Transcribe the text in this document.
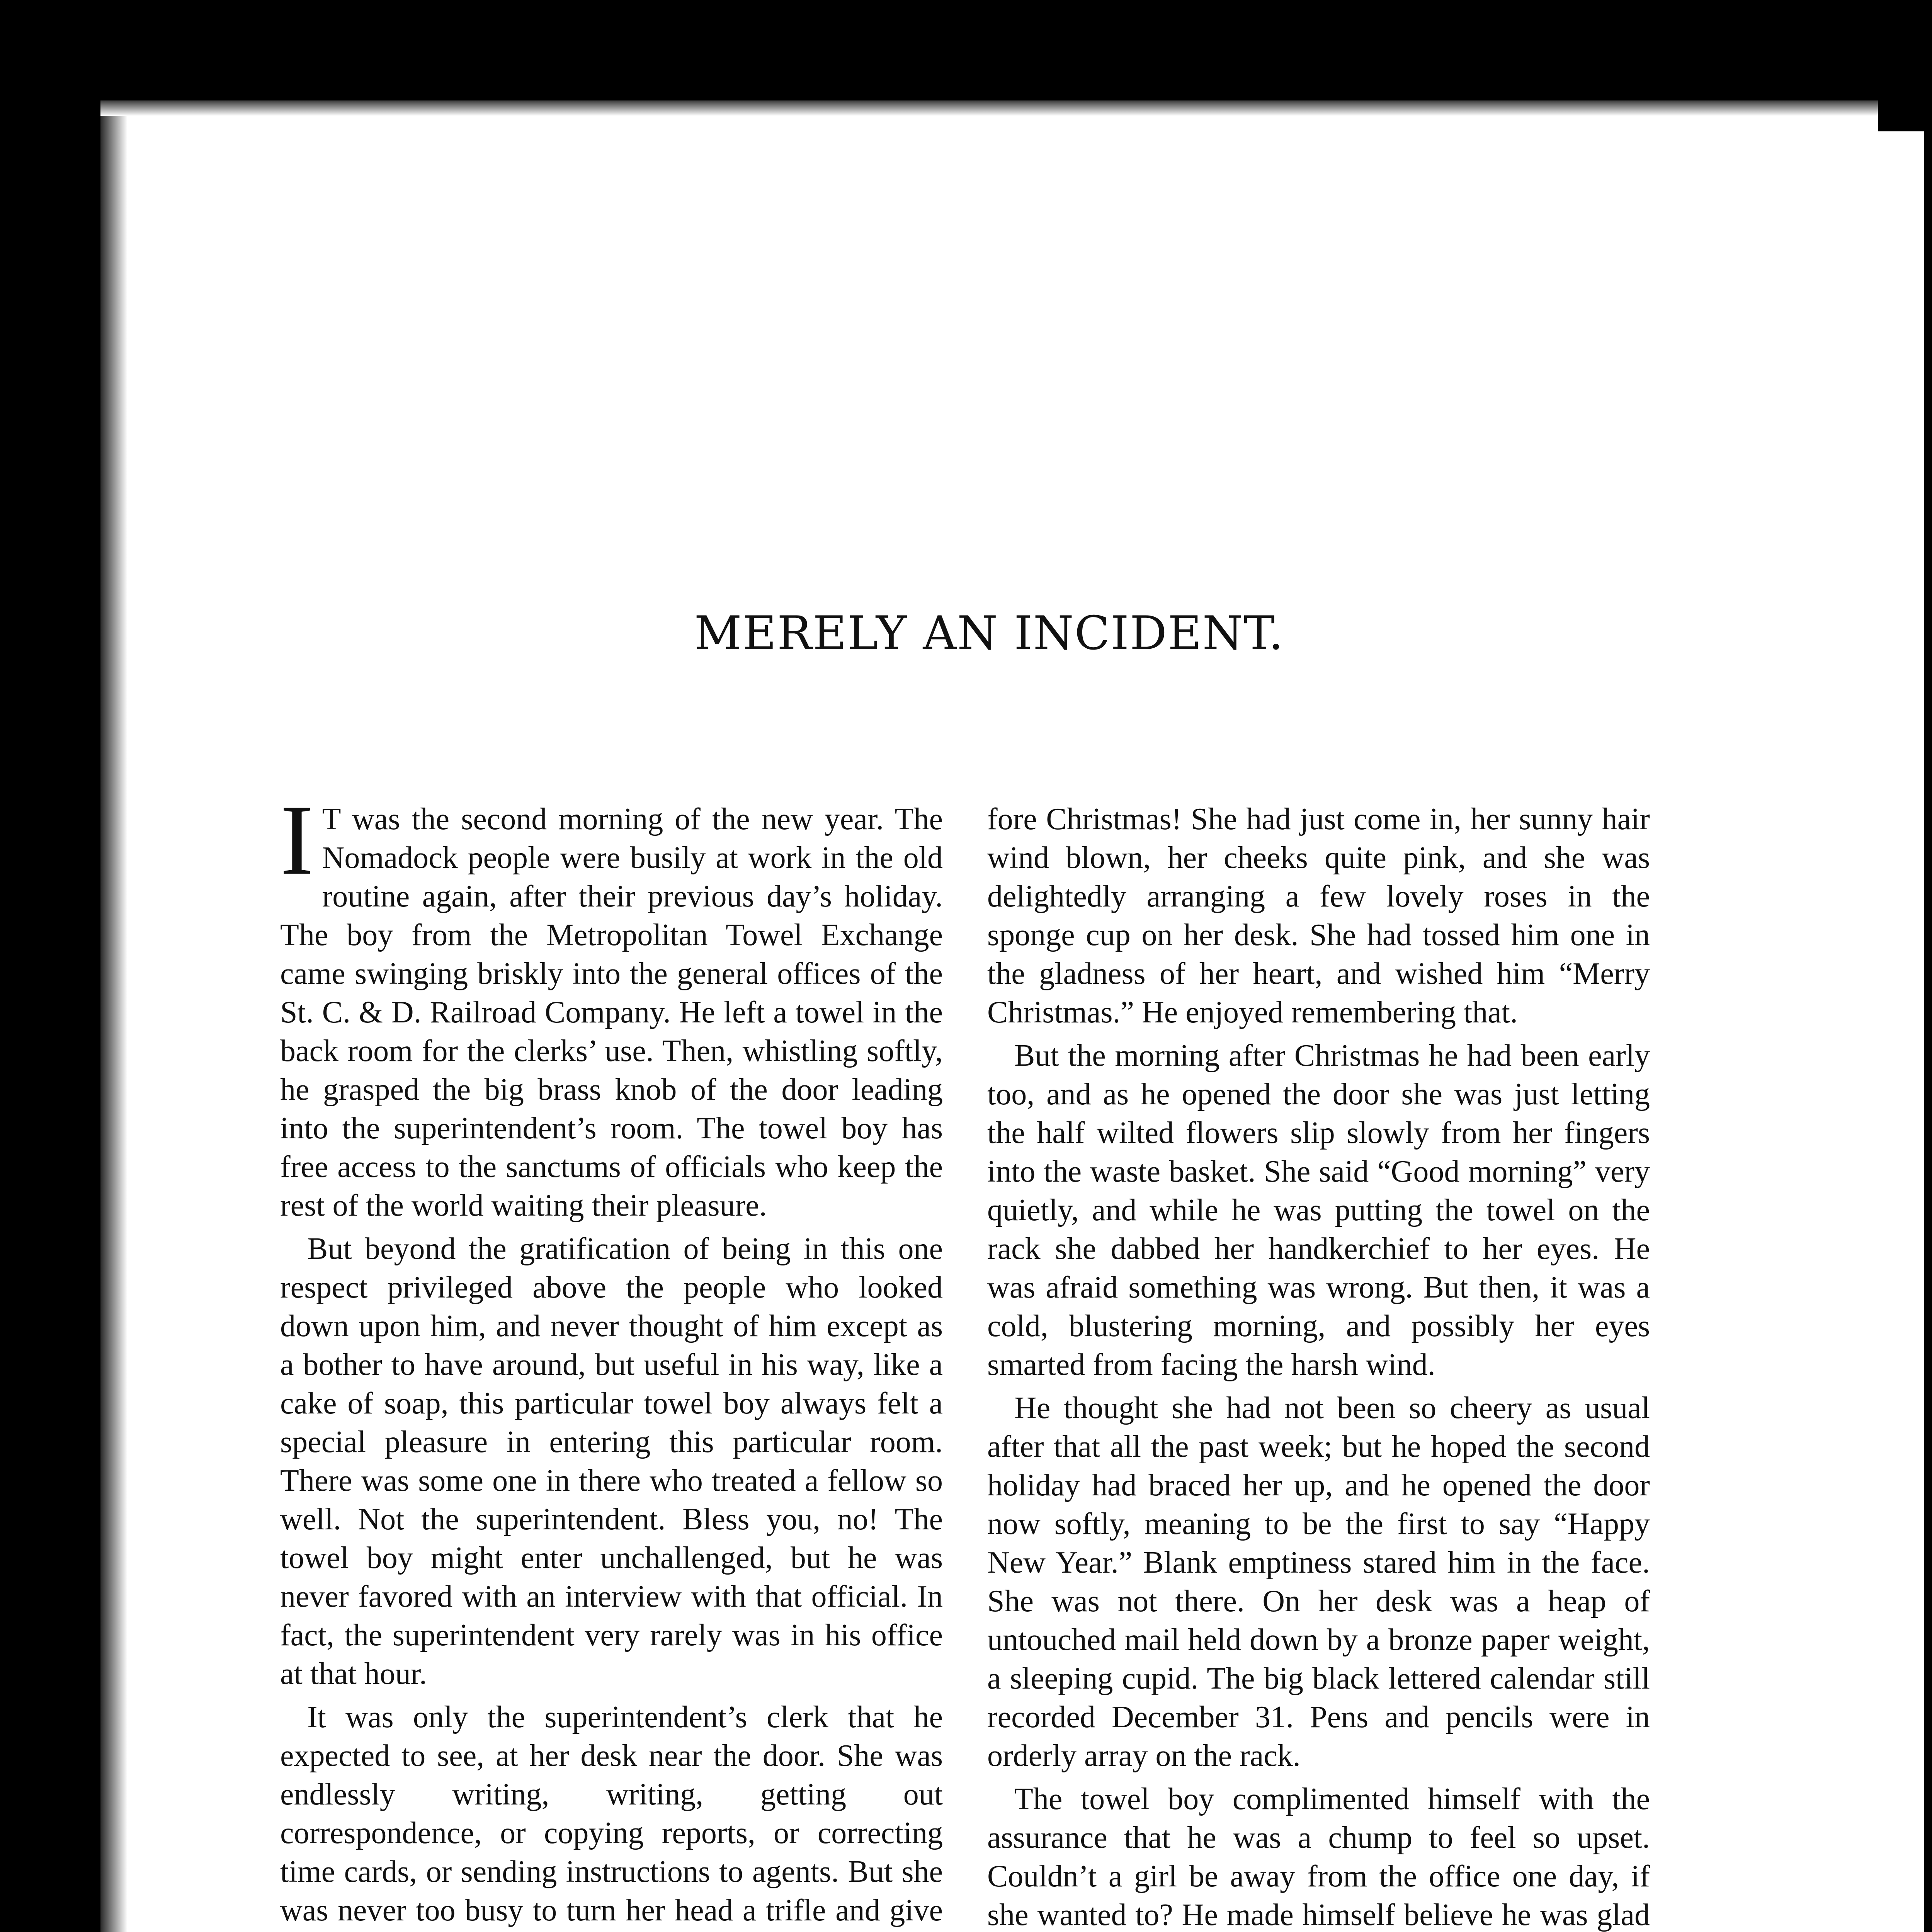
MERELY AN INCIDENT.

I T was the second morning of the new year. The Nomadock people were busily at work in the old routine again, after their previous day’s holiday. The boy from the Metropolitan Towel Exchange came swinging briskly into the general offices of the St. C. & D. Railroad Company. He left a towel in the back room for the clerks’ use. Then, whistling softly, he grasped the big brass knob of the door leading into the superintendent’s room. The towel boy has free access to the sanctums of officials who keep the rest of the world waiting their pleasure.

But beyond the gratification of being in this one respect privileged above the people who looked down upon him, and never thought of him except as a bother to have around, but useful in his way, like a cake of soap, this particular towel boy always felt a special pleasure in entering this particular room. There was some one in there who treated a fellow so well. Not the superintendent. Bless you, no! The towel boy might enter unchallenged, but he was never favored with an interview with that official. In fact, the superintendent very rarely was in his office at that hour.

It was only the superintendent’s clerk that he expected to see, at her desk near the door. She was endlessly writing, writing, getting out correspondence, or copying reports, or correcting time cards, or sending instructions to agents. But she was never too busy to turn her head a trifle and give

fore Christmas! She had just come in, her sunny hair wind blown, her cheeks quite pink, and she was delightedly arranging a few lovely roses in the sponge cup on her desk. She had tossed him one in the gladness of her heart, and wished him “Merry Christmas.” He enjoyed remembering that.

But the morning after Christmas he had been early too, and as he opened the door she was just letting the half wilted flowers slip slowly from her fingers into the waste basket. She said “Good morning” very quietly, and while he was putting the towel on the rack she dabbed her handkerchief to her eyes. He was afraid something was wrong. But then, it was a cold, blustering morning, and possibly her eyes smarted from facing the harsh wind.

He thought she had not been so cheery as usual after that all the past week; but he hoped the second holiday had braced her up, and he opened the door now softly, meaning to be the first to say “Happy New Year.” Blank emptiness stared him in the face. She was not there. On her desk was a heap of untouched mail held down by a bronze paper weight, a sleeping cupid. The big black lettered calendar still recorded December 31. Pens and pencils were in orderly array on the rack.

The towel boy complimented himself with the assurance that he was a chump to feel so upset. Couldn’t a girl be away from the office one day, if she wanted to? He made himself believe he was glad
